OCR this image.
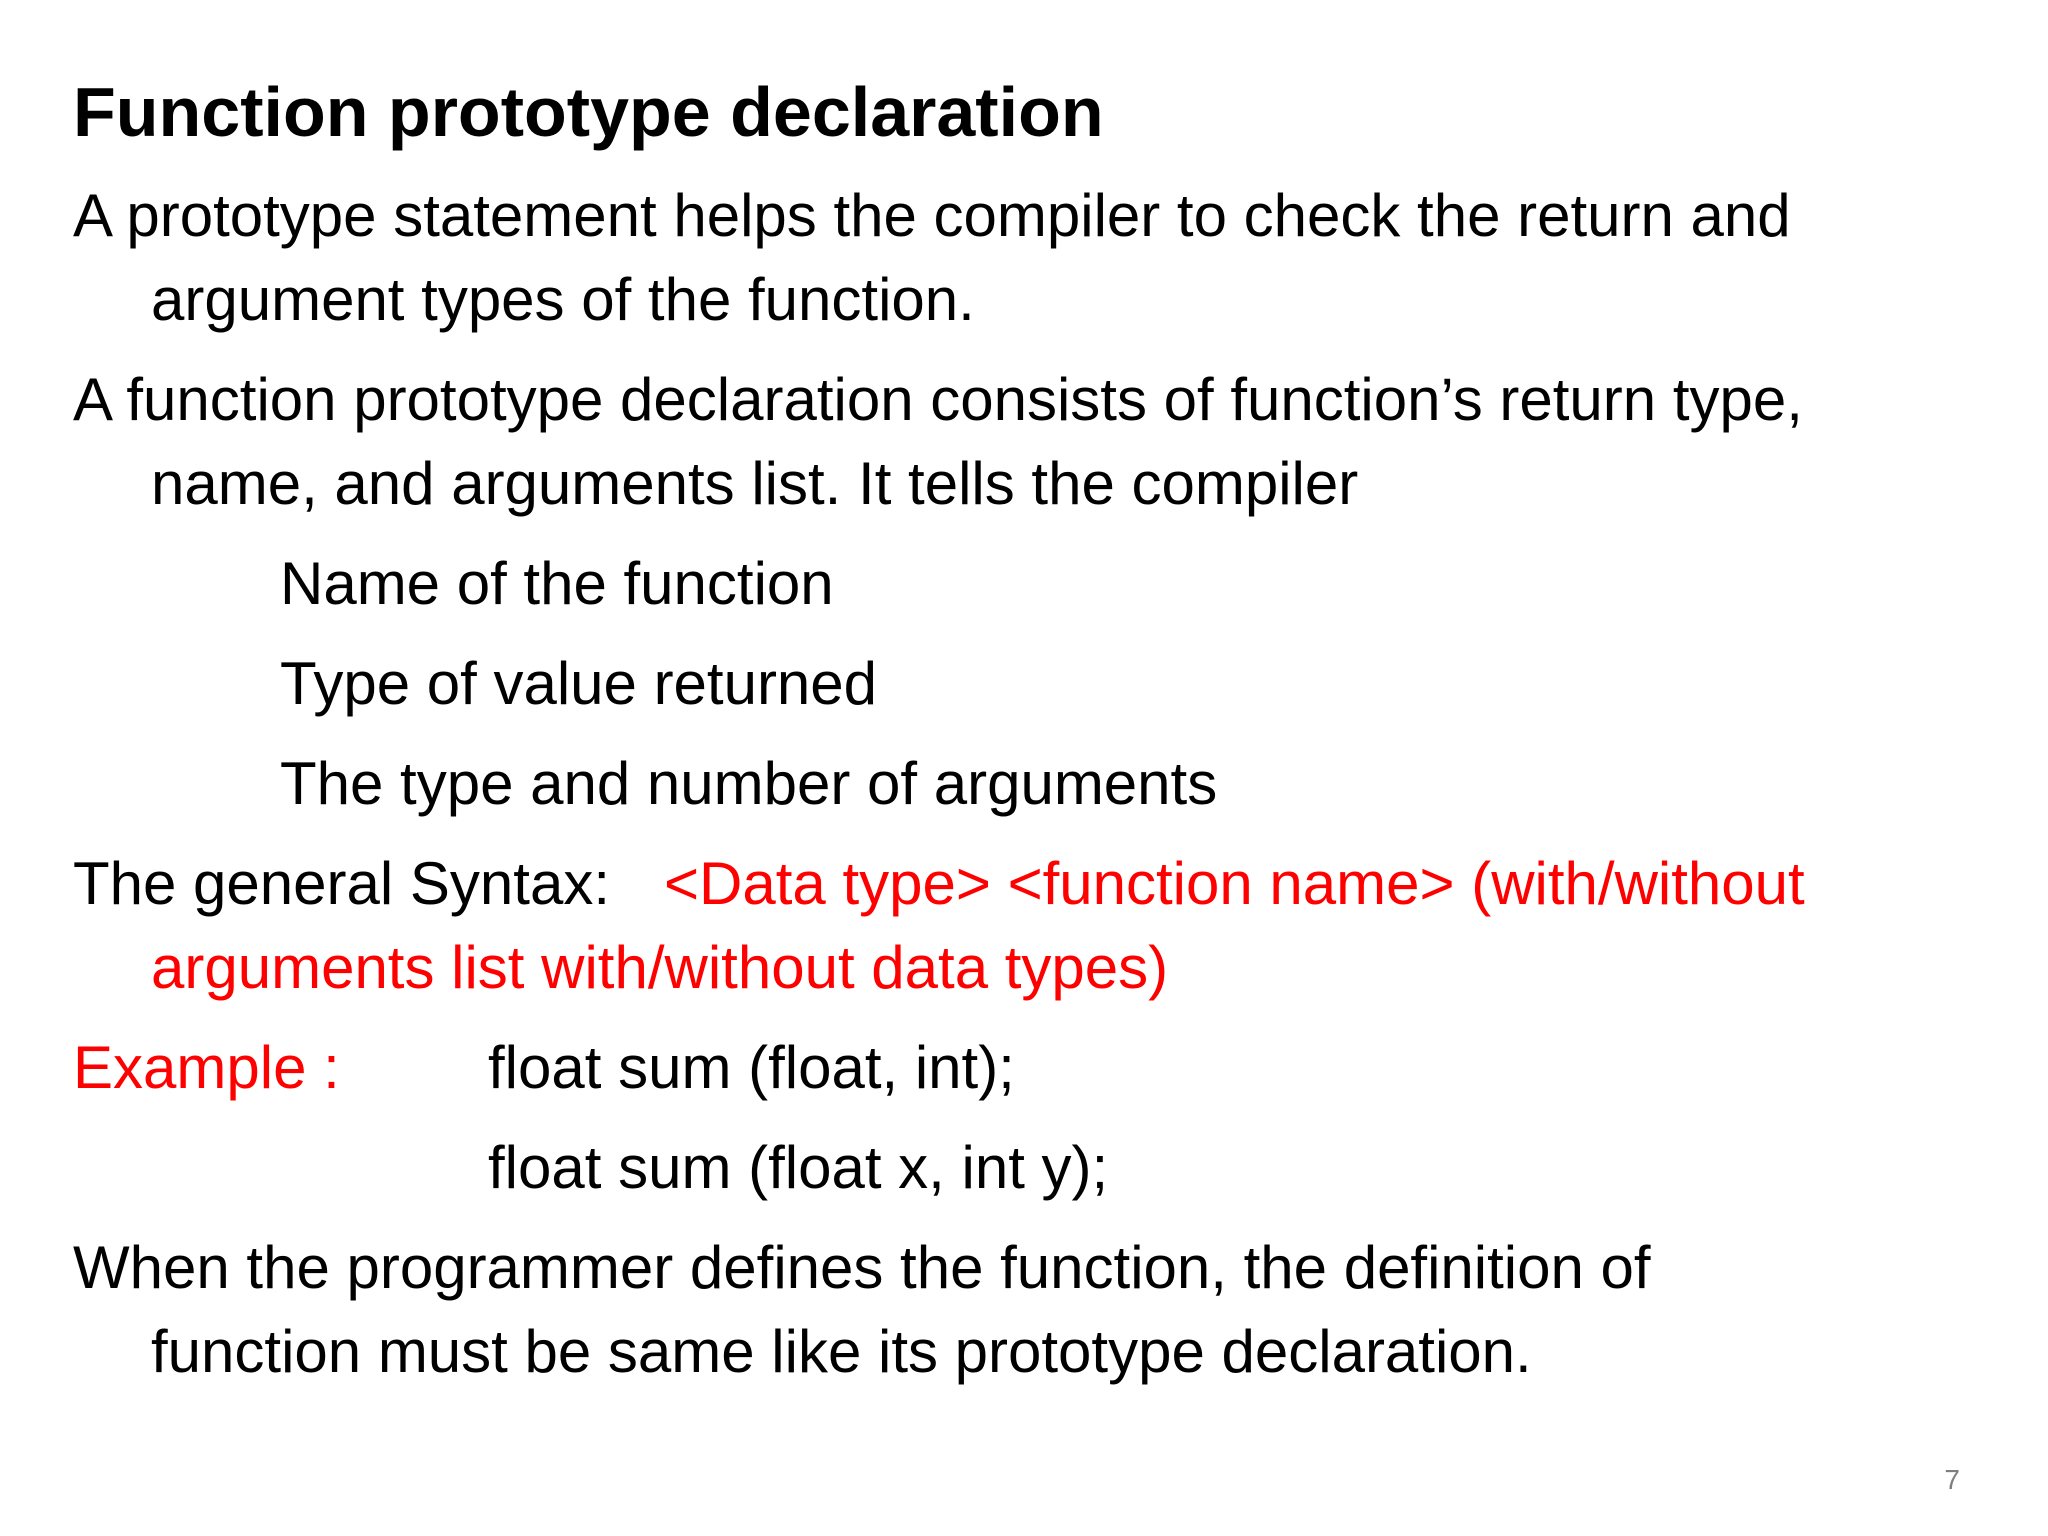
Function prototype declaration
A prototype statement helps the compiler to check the return and
argument types of the function.
A function prototype declaration consists of function’s return type,
name, and arguments list. It tells the compiler
Name of the function
Type of value returned
The type and number of arguments
The general Syntax: <Data type> <function name> (with/without
arguments list with/without data types)
Example : float sum (float, int);
float sum (float x, int y);
When the programmer defines the function, the definition of
function must be same like its prototype declaration.
7
